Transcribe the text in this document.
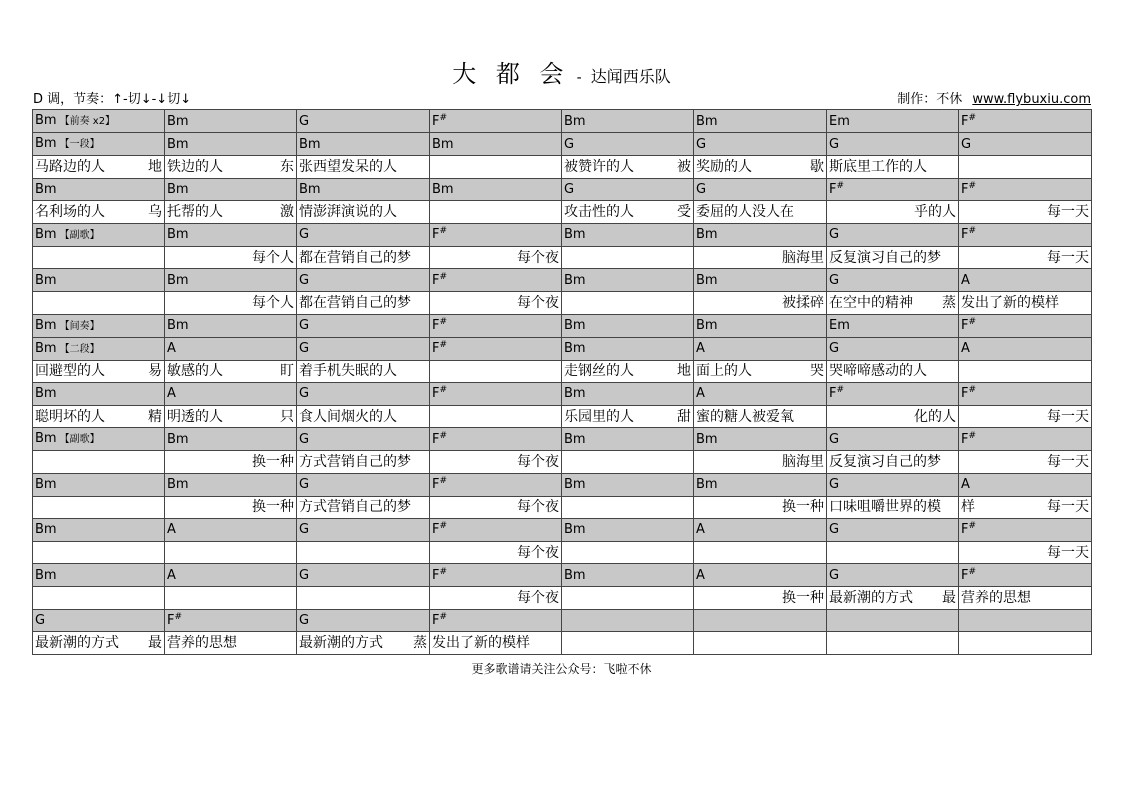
大 都 会 - 达闻西乐队
D 调，节奏：↑-切↓-↓切↓	制作：不休 www.flybuxiu.com
Bm 【前奏 x2】	Bm	G	F#	Bm	Bm	Em	F#
Bm 【一段】	Bm	Bm	Bm	G	G	G	G

马路边的人 地	铁边的人 东	张西望发呆的人		被赞许的人 被	奖励的人 歇	斯底里工作的人	

Bm	Bm	Bm	Bm	G	G	F#	F#

名利场的人 乌	托帮的人 激	情澎湃演说的人		攻击性的人 受	委屈的人没人在	乎的人	每一天

Bm 【副歌】	Bm	G	F#	Bm	Bm	G	F#

	每个人	都在营销自己的梦	每个夜		脑海里	反复演习自己的梦	每一天

Bm	Bm	G	F#	Bm	Bm	G	A

	每个人	都在营销自己的梦	每个夜		被揉碎	在空中的精神 蒸	发出了新的模样

Bm 【间奏】	Bm	G	F#	Bm	Bm	Em	F#
Bm 【二段】	A	G	F#	Bm	A	G	A

回避型的人 易	敏感的人 盯	着手机失眠的人		走钢丝的人 地	面上的人 哭	哭啼啼感动的人	

Bm	A	G	F#	Bm	A	F#	F#

聪明坏的人 精	明透的人 只	食人间烟火的人		乐园里的人 甜	蜜的糖人被爱氧	化的人	每一天

Bm 【副歌】	Bm	G	F#	Bm	Bm	G	F#

	换一种	方式营销自己的梦	每个夜		脑海里	反复演习自己的梦	每一天

Bm	Bm	G	F#	Bm	Bm	G	A

	换一种	方式营销自己的梦	每个夜		换一种	口味咀嚼世界的模	样 每一天

Bm	A	G	F#	Bm	A	G	F#

			每个夜				每一天

Bm	A	G	F#	Bm	A	G	F#

			每个夜		换一种	最新潮的方式 最	营养的思想

G	F#	G	F#				

最新潮的方式 最	营养的思想	最新潮的方式 蒸	发出了新的模样				

更多歌谱请关注公众号：飞啦不休
